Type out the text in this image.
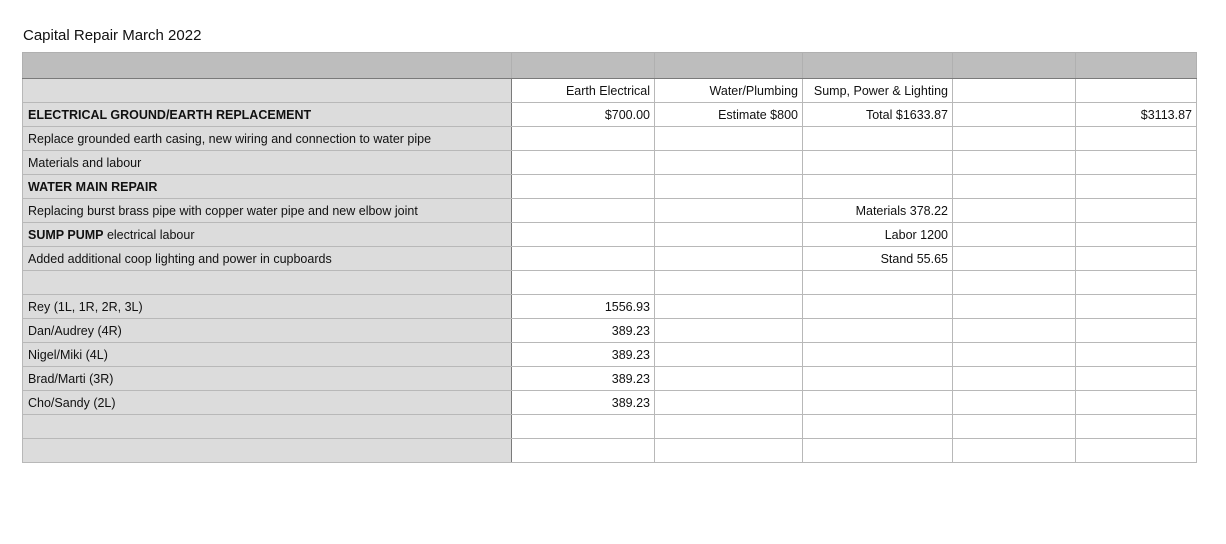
Capital Repair March 2022

	Earth Electrical	Water/Plumbing	Sump, Power & Lighting		
ELECTRICAL GROUND/EARTH REPLACEMENT	$700.00	Estimate $800	Total $1633.87		$3113.87
Replace grounded earth casing, new wiring and connection to water pipe					
Materials and labour					
WATER MAIN REPAIR					
Replacing burst brass pipe with copper water pipe and new elbow joint			Materials 378.22		
SUMP PUMP electrical labour			Labor 1200		
Added additional coop lighting and power in cupboards			Stand 55.65		

Rey (1L, 1R, 2R, 3L)	1556.93				
Dan/Audrey (4R)	389.23				
Nigel/Miki (4L)	389.23				
Brad/Marti (3R)	389.23				
Cho/Sandy (2L)	389.23				
